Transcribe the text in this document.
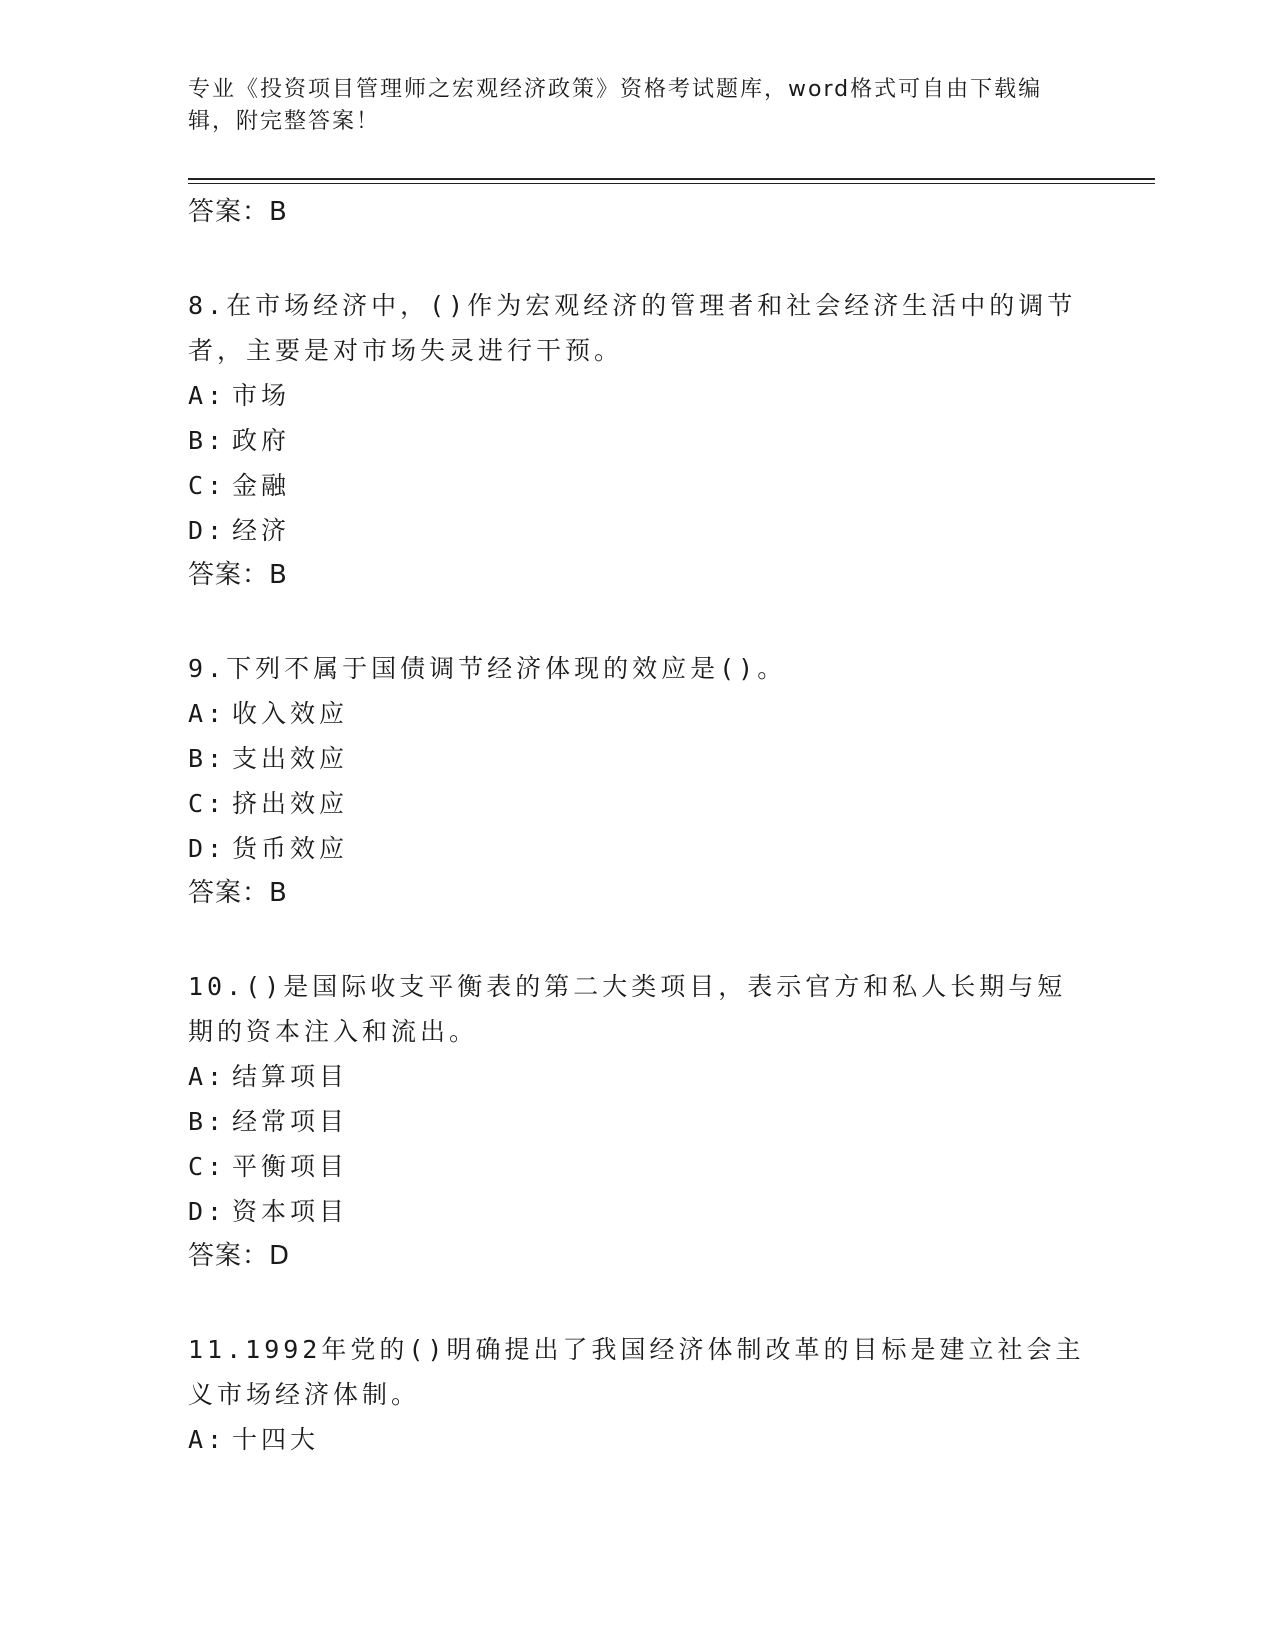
专业《投资项目管理师之宏观经济政策》资格考试题库，word格式可自由下载编辑，附完整答案！
答案：B

8.在市场经济中，()作为宏观经济的管理者和社会经济生活中的调节者，主要是对市场失灵进行干预。

A: 市场
B: 政府
C: 金融
D: 经济
答案：B

9.下列不属于国债调节经济体现的效应是()。

A: 收入效应
B: 支出效应
C: 挤出效应
D: 货币效应
答案：B

10.()是国际收支平衡表的第二大类项目，表示官方和私人长期与短期的资本注入和流出。

A: 结算项目
B: 经常项目
C: 平衡项目
D: 资本项目
答案：D

11.1992年党的()明确提出了我国经济体制改革的目标是建立社会主义市场经济体制。

A: 十四大
